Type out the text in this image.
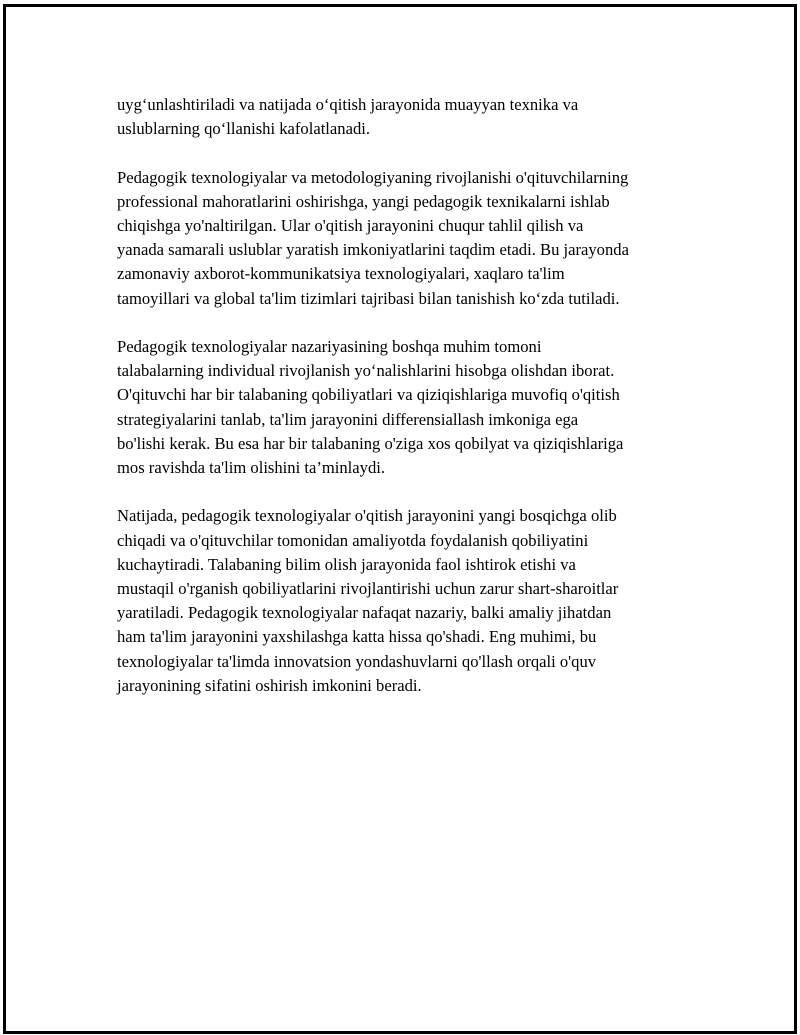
uyg‘unlashtiriladi va natijada o‘qitish jarayonida muayyan texnika va
uslublarning qo‘llanishi kafolatlanadi.

Pedagogik texnologiyalar va metodologiyaning rivojlanishi o'qituvchilarning
professional mahoratlarini oshirishga, yangi pedagogik texnikalarni ishlab
chiqishga yo'naltirilgan. Ular o'qitish jarayonini chuqur tahlil qilish va
yanada samarali uslublar yaratish imkoniyatlarini taqdim etadi. Bu jarayonda
zamonaviy axborot-kommunikatsiya texnologiyalari, xaqlaro ta'lim
tamoyillari va global ta'lim tizimlari tajribasi bilan tanishish ko‘zda tutiladi.

Pedagogik texnologiyalar nazariyasining boshqa muhim tomoni
talabalarning individual rivojlanish yo‘nalishlarini hisobga olishdan iborat.
O'qituvchi har bir talabaning qobiliyatlari va qiziqishlariga muvofiq o'qitish
strategiyalarini tanlab, ta'lim jarayonini differensiallash imkoniga ega
bo'lishi kerak. Bu esa har bir talabaning o'ziga xos qobilyat va qiziqishlariga
mos ravishda ta'lim olishini ta’minlaydi.

Natijada, pedagogik texnologiyalar o'qitish jarayonini yangi bosqichga olib
chiqadi va o'qituvchilar tomonidan amaliyotda foydalanish qobiliyatini
kuchaytiradi. Talabaning bilim olish jarayonida faol ishtirok etishi va
mustaqil o'rganish qobiliyatlarini rivojlantirishi uchun zarur shart-sharoitlar
yaratiladi. Pedagogik texnologiyalar nafaqat nazariy, balki amaliy jihatdan
ham ta'lim jarayonini yaxshilashga katta hissa qo'shadi. Eng muhimi, bu
texnologiyalar ta'limda innovatsion yondashuvlarni qo'llash orqali o'quv
jarayonining sifatini oshirish imkonini beradi.
